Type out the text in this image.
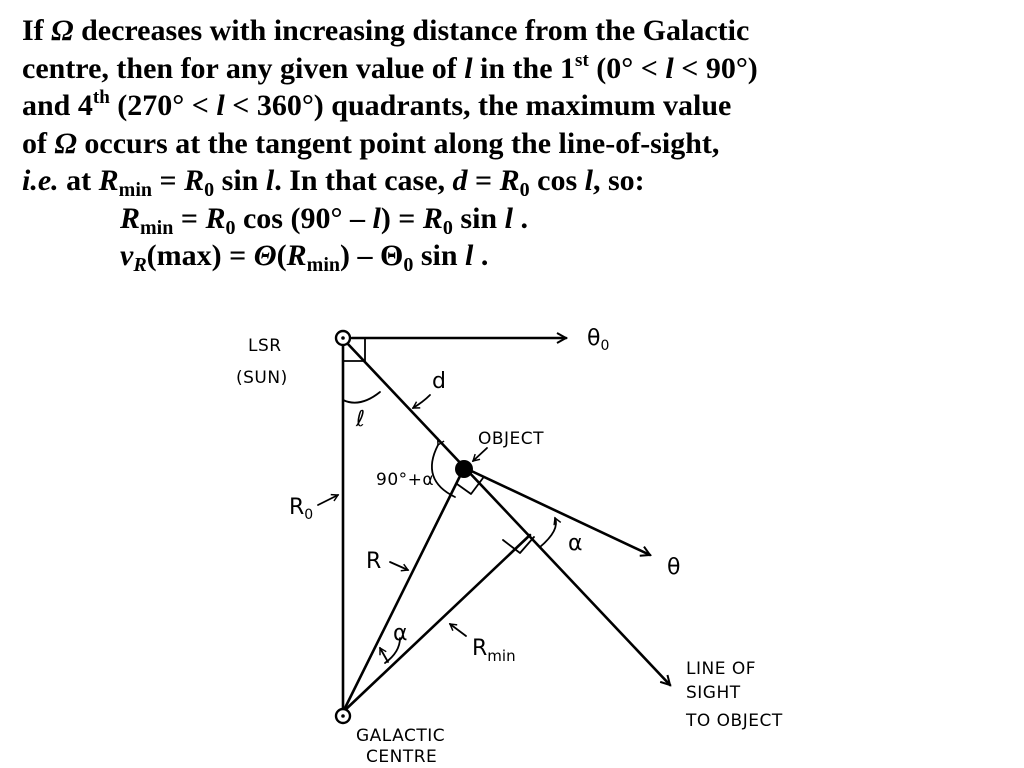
If Ω decreases with increasing distance from the Galactic
centre, then for any given value of l in the 1st (0° < l < 90°)
and 4th (270° < l < 360°) quadrants, the maximum value
of Ω occurs at the tangent point along the line-of-sight,
i.e. at $R_{min} = R_0$ sin l. In that case, $d = R_0$ cos l, so:
$R_{min} = R_0$ $\cos (90^\circ - l) = R_0$ sin l .
$v_R(\max) = \Theta(R_{min}) - \Theta_0$ sin l .
LSR
(SUN)
$\theta_0$
d
ℓ
OBJECT
90°+α
$R_0$
α
θ
R
α
$R_{min}$
LINE OF
SIGHT
TO OBJECT
GALACTIC
CENTRE
